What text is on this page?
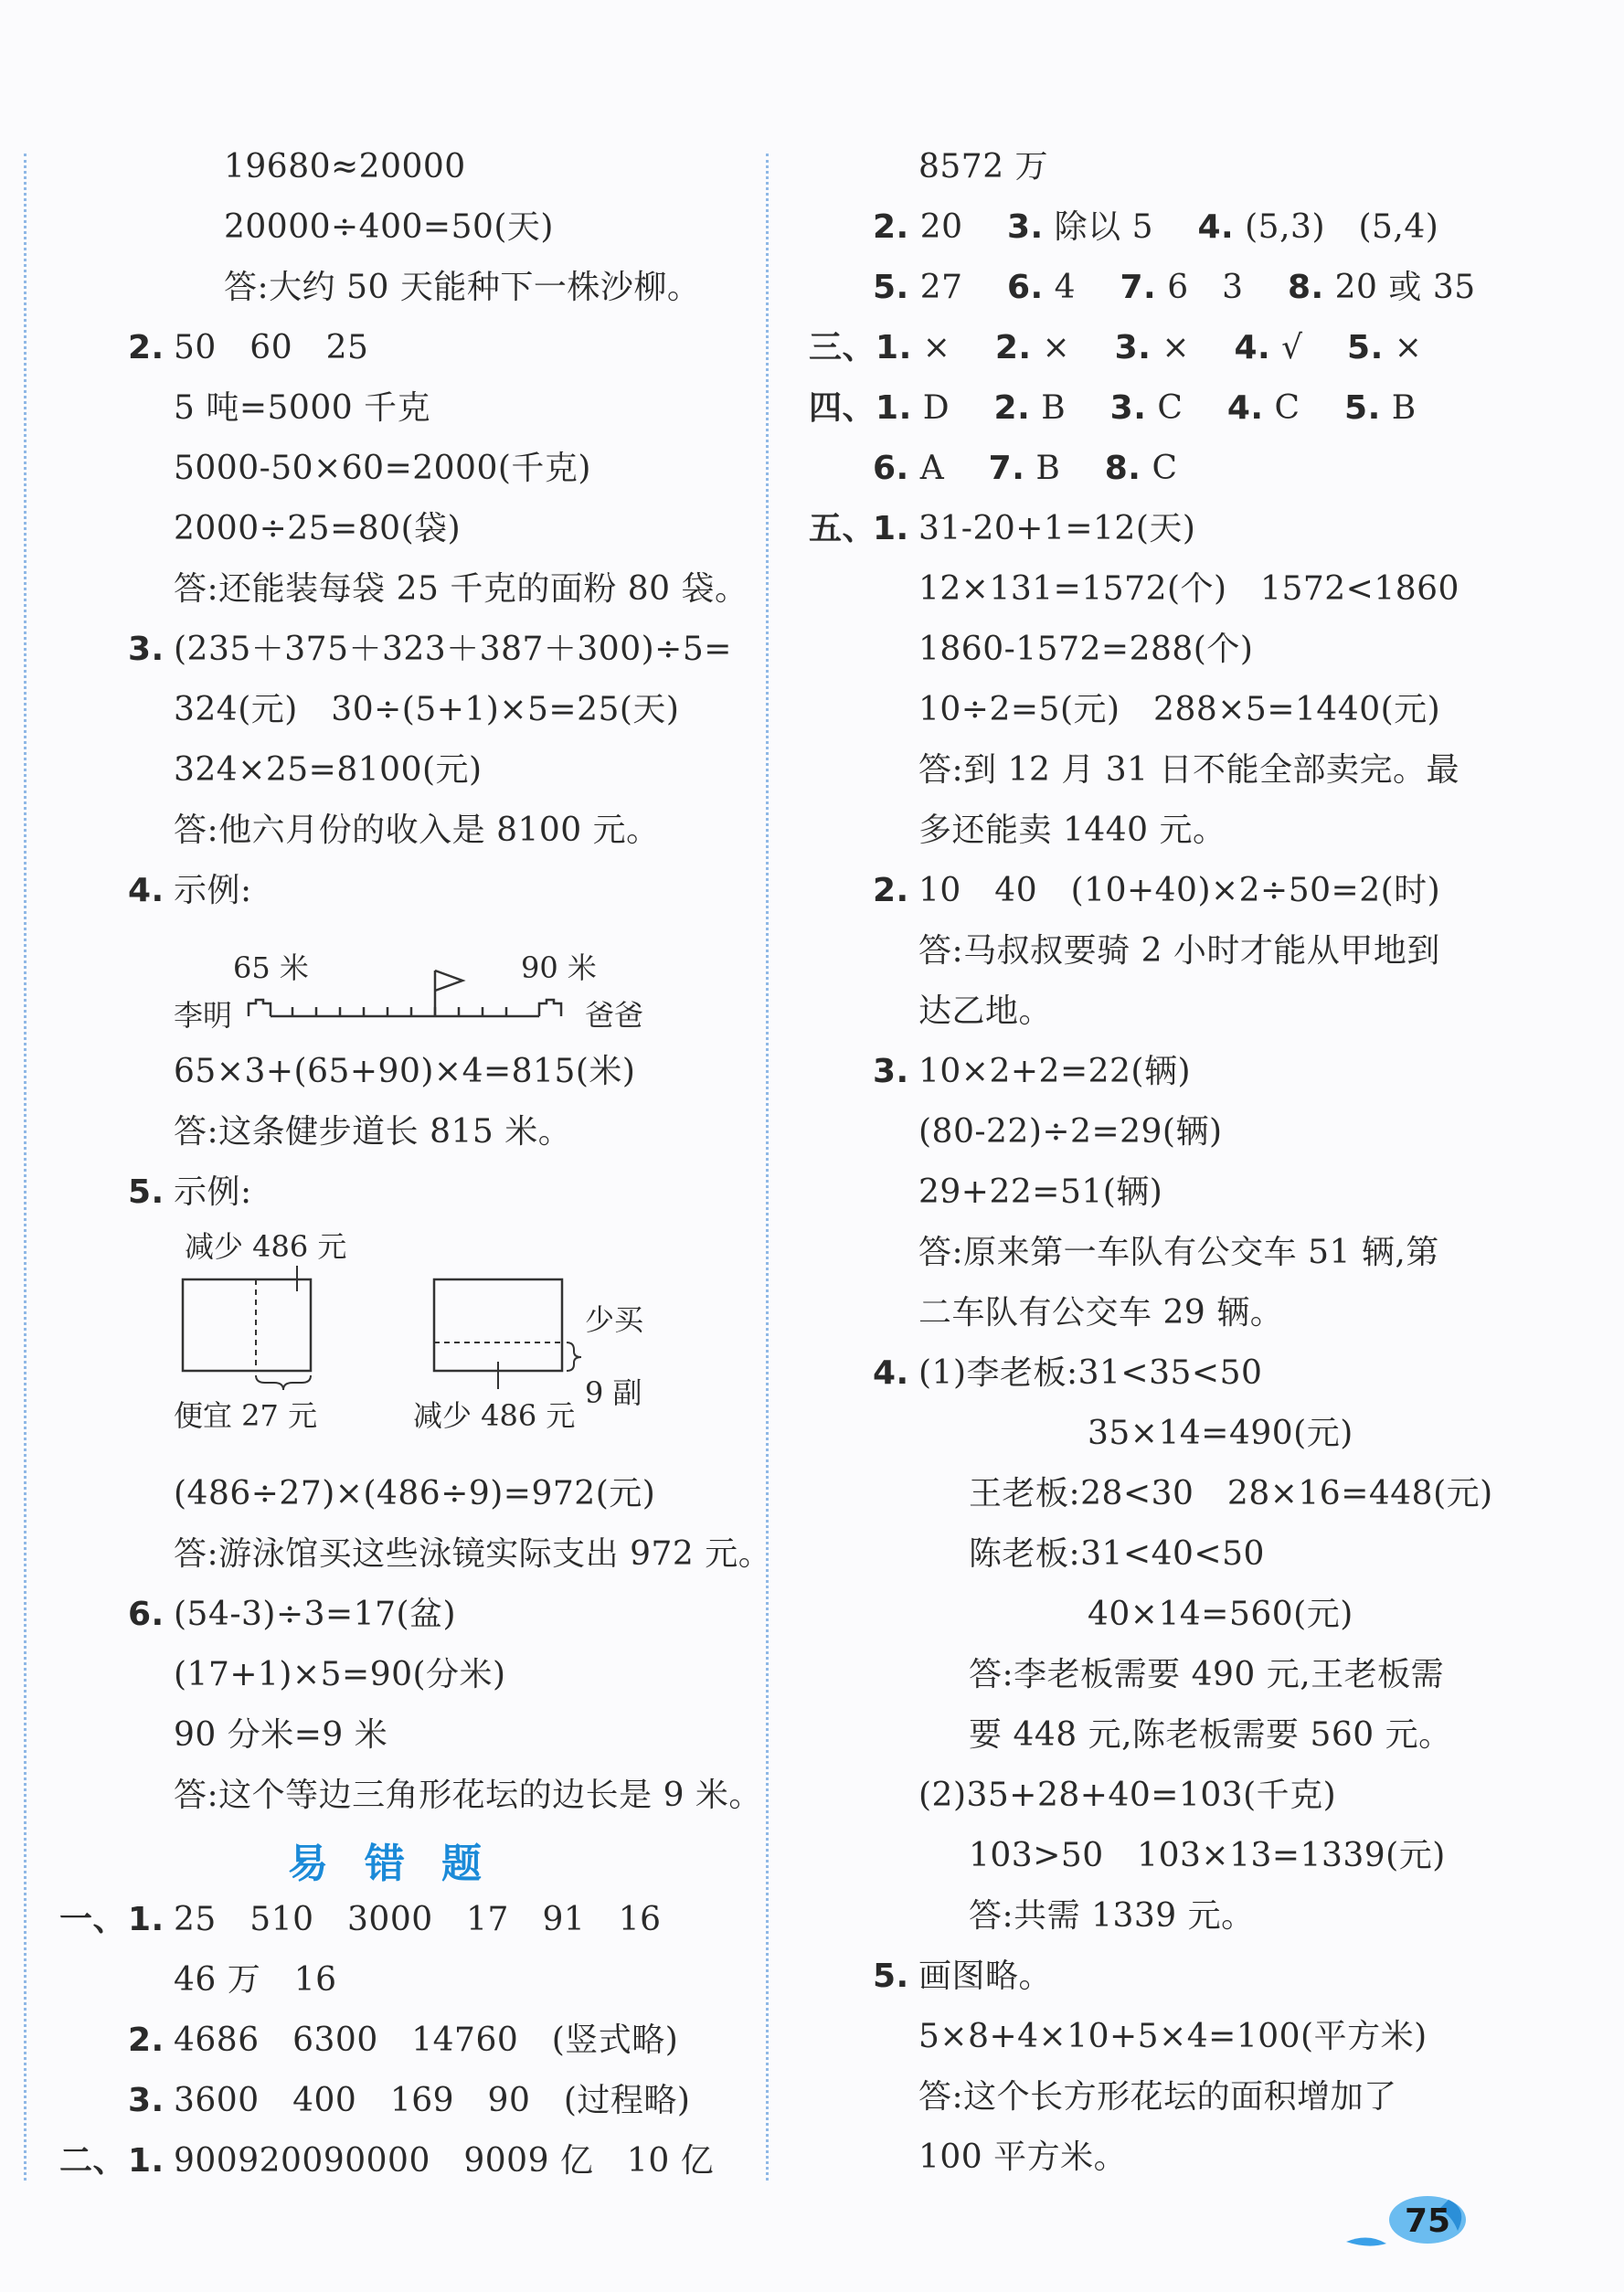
19680≈20000
20000÷400=50(天)
答:大约 50 天能种下一株沙柳。
2. 50　60　25
5 吨=5000 千克
5000-50×60=2000(千克)
2000÷25=80(袋)
答:还能装每袋 25 千克的面粉 80 袋。
3. (235＋375＋323＋387＋300)÷5=
324(元)　30÷(5+1)×5=25(天)
324×25=8100(元)
答:他六月份的收入是 8100 元。
4. 示例:
65 米	90 米
李明	爸爸
65×3+(65+90)×4=815(米)
答:这条健步道长 815 米。
5. 示例:
减少 486 元
便宜 27 元
少买
9 副
减少 486 元
(486÷27)×(486÷9)=972(元)
答:游泳馆买这些泳镜实际支出 972 元。
6. (54-3)÷3=17(盆)
(17+1)×5=90(分米)
90 分米=9 米
答:这个等边三角形花坛的边长是 9 米。
易错题
一、 1. 25　510　3000　17　91　16
46 万　16
2. 4686　6300　14760　(竖式略)
3. 3600　400　169　90　(过程略)
二、 1. 900920090000　9009 亿　10 亿
8572 万
2. 20　 3. 除以 5　 4. (5,3)　(5,4)
5. 27　 6. 4　 7. 6　3　 8. 20 或 35
三、1. ×　 2. ×　 3. ×　 4. √　 5. ×
四、1. D　 2. B　 3. C　 4. C　 5. B
6. A　 7. B　 8. C
五、
1. 31-20+1=12(天)
12×131=1572(个)　1572<1860
1860-1572=288(个)
10÷2=5(元)　288×5=1440(元)
答:到 12 月 31 日不能全部卖完。最
多还能卖 1440 元。
2. 10　40　(10+40)×2÷50=2(时)
答:马叔叔要骑 2 小时才能从甲地到
达乙地。
3. 10×2+2=22(辆)
(80-22)÷2=29(辆)
29+22=51(辆)
答:原来第一车队有公交车 51 辆,第
二车队有公交车 29 辆。
4. (1)李老板:31<35<50
35×14=490(元)
王老板:28<30　28×16=448(元)
陈老板:31<40<50
40×14=560(元)
答:李老板需要 490 元,王老板需
要 448 元,陈老板需要 560 元。
(2)35+28+40=103(千克)
103>50　103×13=1339(元)
答:共需 1339 元。
5. 画图略。
5×8+4×10+5×4=100(平方米)
答:这个长方形花坛的面积增加了
100 平方米。
75
